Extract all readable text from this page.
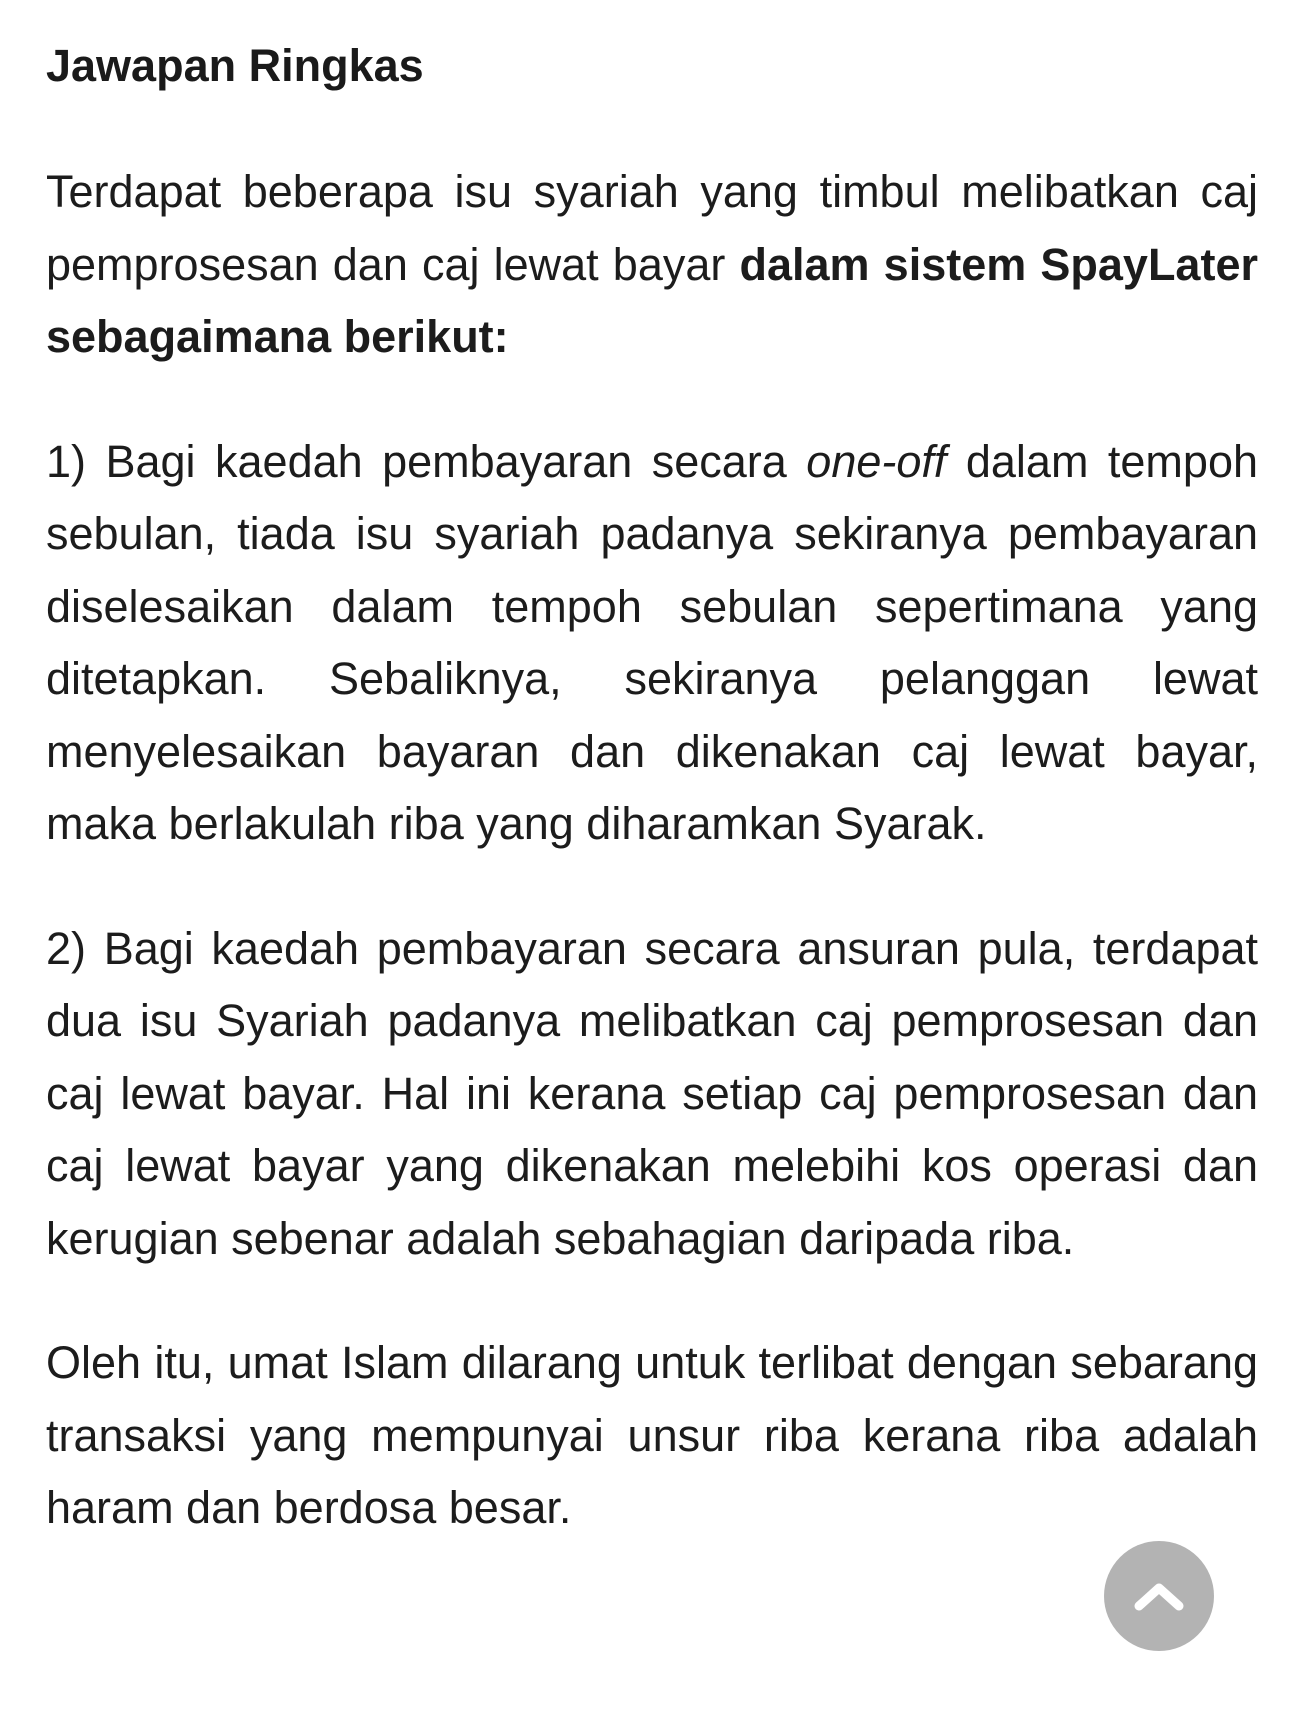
Jawapan Ringkas

Terdapat beberapa isu syariah yang timbul melibatkan caj pemprosesan dan caj lewat bayar dalam sistem SpayLater sebagaimana berikut:

1) Bagi kaedah pembayaran secara one-off dalam tempoh sebulan, tiada isu syariah padanya sekiranya pembayaran diselesaikan dalam tempoh sebulan sepertimana yang ditetapkan. Sebaliknya, sekiranya pelanggan lewat menyelesaikan bayaran dan dikenakan caj lewat bayar, maka berlakulah riba yang diharamkan Syarak.

2) Bagi kaedah pembayaran secara ansuran pula, terdapat dua isu Syariah padanya melibatkan caj pemprosesan dan caj lewat bayar. Hal ini kerana setiap caj pemprosesan dan caj lewat bayar yang dikenakan melebihi kos operasi dan kerugian sebenar adalah sebahagian daripada riba.

Oleh itu, umat Islam dilarang untuk terlibat dengan sebarang transaksi yang mempunyai unsur riba kerana riba adalah haram dan berdosa besar.
